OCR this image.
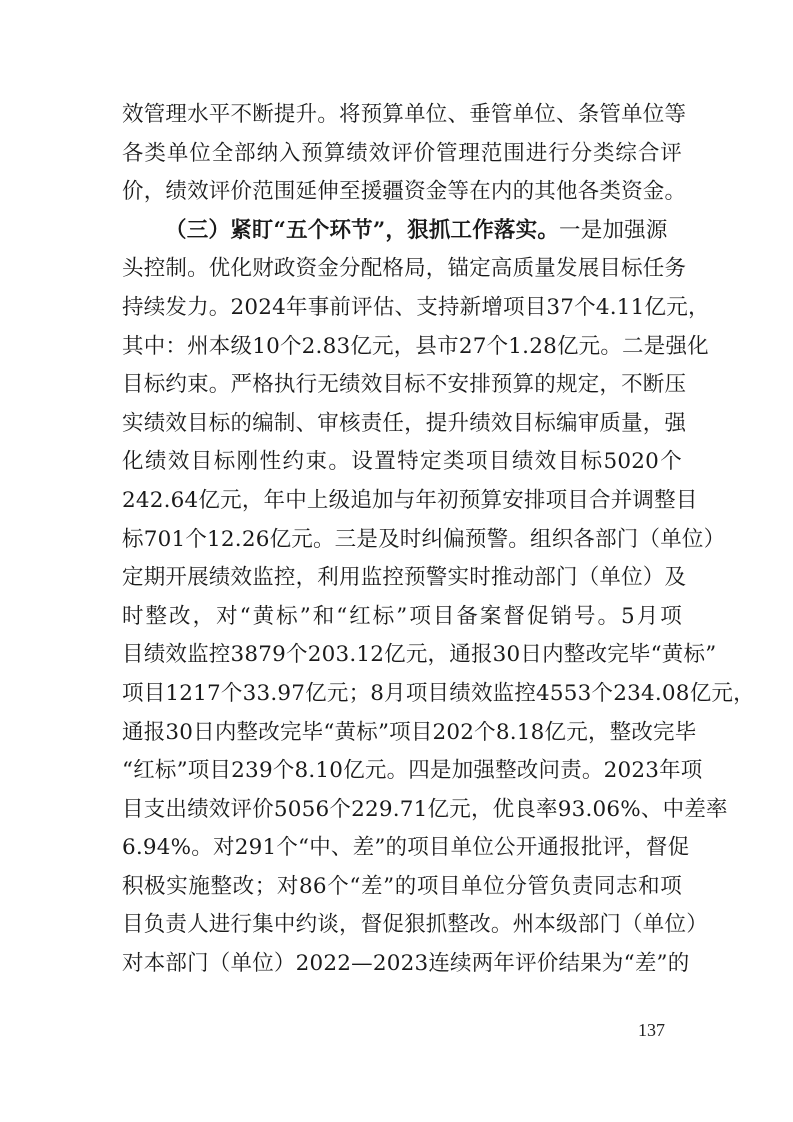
效管理水平不断提升。将预算单位、垂管单位、条管单位等
各类单位全部纳入预算绩效评价管理范围进行分类综合评
价，绩效评价范围延伸至援疆资金等在内的其他各类资金。
（三）紧盯“五个环节”，狠抓工作落实。一是加强源
头控制。优化财政资金分配格局，锚定高质量发展目标任务
持续发力。2024年事前评估、支持新增项目37个4.11亿元，
其中：州本级10个2.83亿元，县市27个1.28亿元。二是强化
目标约束。严格执行无绩效目标不安排预算的规定，不断压
实绩效目标的编制、审核责任，提升绩效目标编审质量，强
化绩效目标刚性约束。设置特定类项目绩效目标5020个
242.64亿元，年中上级追加与年初预算安排项目合并调整目
标701个12.26亿元。三是及时纠偏预警。组织各部门（单位）
定期开展绩效监控，利用监控预警实时推动部门（单位）及
时整改，对“黄标”和“红标”项目备案督促销号。5月项
目绩效监控3879个203.12亿元，通报30日内整改完毕“黄标”
项目1217个33.97亿元；8月项目绩效监控4553个234.08亿元，
通报30日内整改完毕“黄标”项目202个8.18亿元，整改完毕
“红标”项目239个8.10亿元。四是加强整改问责。2023年项
目支出绩效评价5056个229.71亿元，优良率93.06%、中差率
6.94%。对291个“中、差”的项目单位公开通报批评，督促
积极实施整改；对86个“差”的项目单位分管负责同志和项
目负责人进行集中约谈，督促狠抓整改。州本级部门（单位）
对本部门（单位）2022—2023连续两年评价结果为“差”的
137
